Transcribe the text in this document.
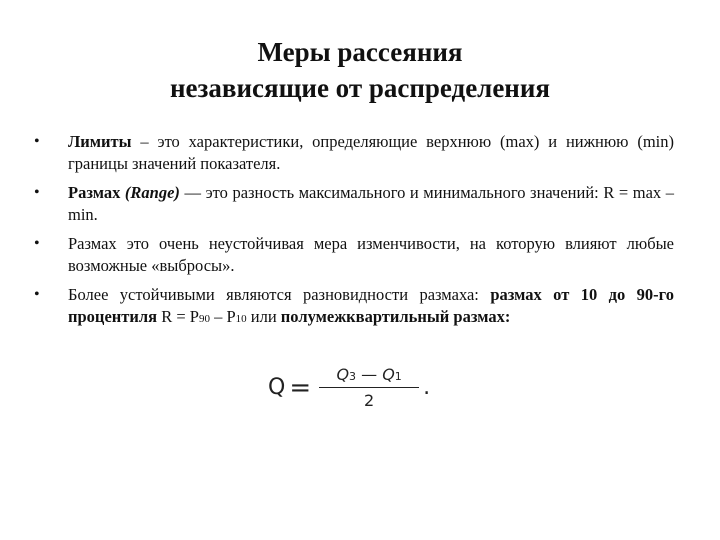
Меры рассеяния
независящие от распределения
• Лимиты – это характеристики, определяющие верхнюю (max) и нижнюю (min) границы значений показателя.
• Размах (Range) — это разность максимального и минимального значений: R = max – min.
• Размах это очень неустойчивая мера изменчивости, на которую влияют любые возможные «выбросы».
• Более устойчивыми являются разновидности размаха: размах от 10 до 90-го процентиля R = P90 – P10 или полумежквартильный размах:
$Q = \frac{Q3 — Q1}{2}$ .
